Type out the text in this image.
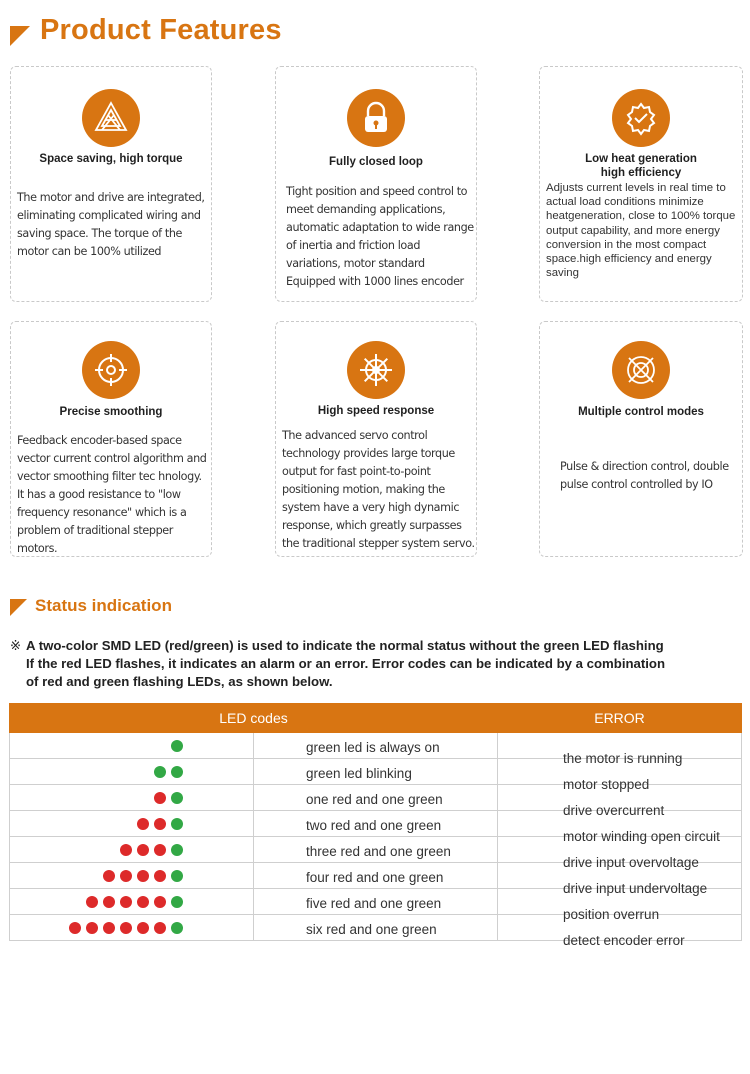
Product Features
Space saving, high torque
The motor and drive are integrated, eliminating complicated wiring and saving space. The torque of the motor can be 100% utilized
Fully closed loop
Tight position and speed control to meet demanding applications, automatic adaptation to wide range of inertia and friction load variations, motor standard Equipped with 1000 lines encoder
Low heat generation
high efficiency
Adjusts current levels in real time to actual load conditions minimize heatgeneration, close to 100% torque output capability, and more energy conversion in the most compact space.high efficiency and energy saving
Precise smoothing
Feedback encoder-based space vector current control algorithm and vector smoothing filter tec hnology. It has a good resistance to "low frequency resonance" which is a problem of traditional stepper motors.
High speed response
The advanced servo control technology provides large torque output for fast point-to-point positioning motion, making the system have a very high dynamic response, which greatly surpasses the traditional stepper system servo.
Multiple control modes
Pulse & direction control, double pulse control controlled by IO
Status indication
※ A two-color SMD LED (red/green) is used to indicate the normal status without the green LED flashing
If the red LED flashes, it indicates an alarm or an error. Error codes can be indicated by a combination
of red and green flashing LEDs, as shown below.
LED codes		ERROR

	green led is always on	the motor is running

	green led blinking	motor stopped

	one red and one green	drive overcurrent

	two red and one green	motor winding open circuit

	three red and one green	drive input overvoltage

	four red and one green	drive input undervoltage

	five red and one green	position overrun

	six red and one green	detect encoder error
